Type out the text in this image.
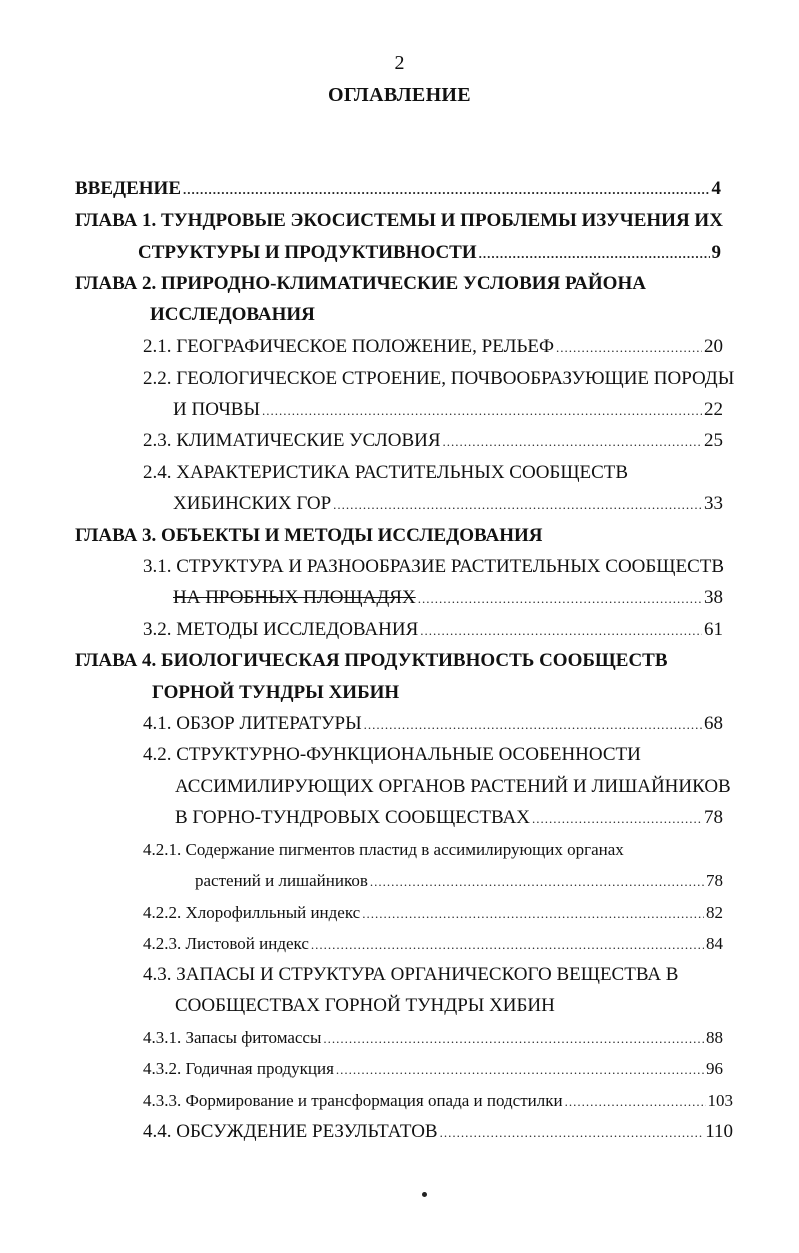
2
ОГЛАВЛЕНИЕ
ВВЕДЕНИЕ .....	4
ГЛАВА 1. ТУНДРОВЫЕ ЭКОСИСТЕМЫ И ПРОБЛЕМЫ ИЗУЧЕНИЯ ИХ
СТРУКТУРЫ И ПРОДУКТИВНОСТИ .....	9
ГЛАВА 2. ПРИРОДНО-КЛИМАТИЧЕСКИЕ УСЛОВИЯ РАЙОНА
ИССЛЕДОВАНИЯ
2.1. ГЕОГРАФИЧЕСКОЕ ПОЛОЖЕНИЕ, РЕЛЬЕФ .....	20
2.2. ГЕОЛОГИЧЕСКОЕ СТРОЕНИЕ, ПОЧВООБРАЗУЮЩИЕ ПОРОДЫ
И ПОЧВЫ .....	22
2.3. КЛИМАТИЧЕСКИЕ УСЛОВИЯ .....	25
2.4. ХАРАКТЕРИСТИКА РАСТИТЕЛЬНЫХ СООБЩЕСТВ
ХИБИНСКИХ ГОР .....	33
ГЛАВА 3. ОБЪЕКТЫ И МЕТОДЫ ИССЛЕДОВАНИЯ
3.1. СТРУКТУРА И РАЗНООБРАЗИЕ РАСТИТЕЛЬНЫХ СООБЩЕСТВ
НА ПРОБНЫХ ПЛОЩАДЯХ .....	38
3.2. МЕТОДЫ ИССЛЕДОВАНИЯ .....	61
ГЛАВА 4. БИОЛОГИЧЕСКАЯ ПРОДУКТИВНОСТЬ СООБЩЕСТВ
ГОРНОЙ ТУНДРЫ ХИБИН
4.1. ОБЗОР ЛИТЕРАТУРЫ .....	68
4.2. СТРУКТУРНО-ФУНКЦИОНАЛЬНЫЕ ОСОБЕННОСТИ
АССИМИЛИРУЮЩИХ ОРГАНОВ РАСТЕНИЙ И ЛИШАЙНИКОВ
В ГОРНО-ТУНДРОВЫХ СООБЩЕСТВАХ .....	78
4.2.1. Содержание пигментов пластид в ассимилирующих органах
растений и лишайников .....	78
4.2.2. Хлорофилльный индекс .....	82
4.2.3. Листовой индекс .....	84
4.3. ЗАПАСЫ И СТРУКТУРА ОРГАНИЧЕСКОГО ВЕЩЕСТВА В
СООБЩЕСТВАХ ГОРНОЙ ТУНДРЫ ХИБИН
4.3.1. Запасы фитомассы .....	88
4.3.2. Годичная продукция .....	96
4.3.3. Формирование и трансформация опада и подстилки .....	103
4.4. ОБСУЖДЕНИЕ РЕЗУЛЬТАТОВ .....	110
